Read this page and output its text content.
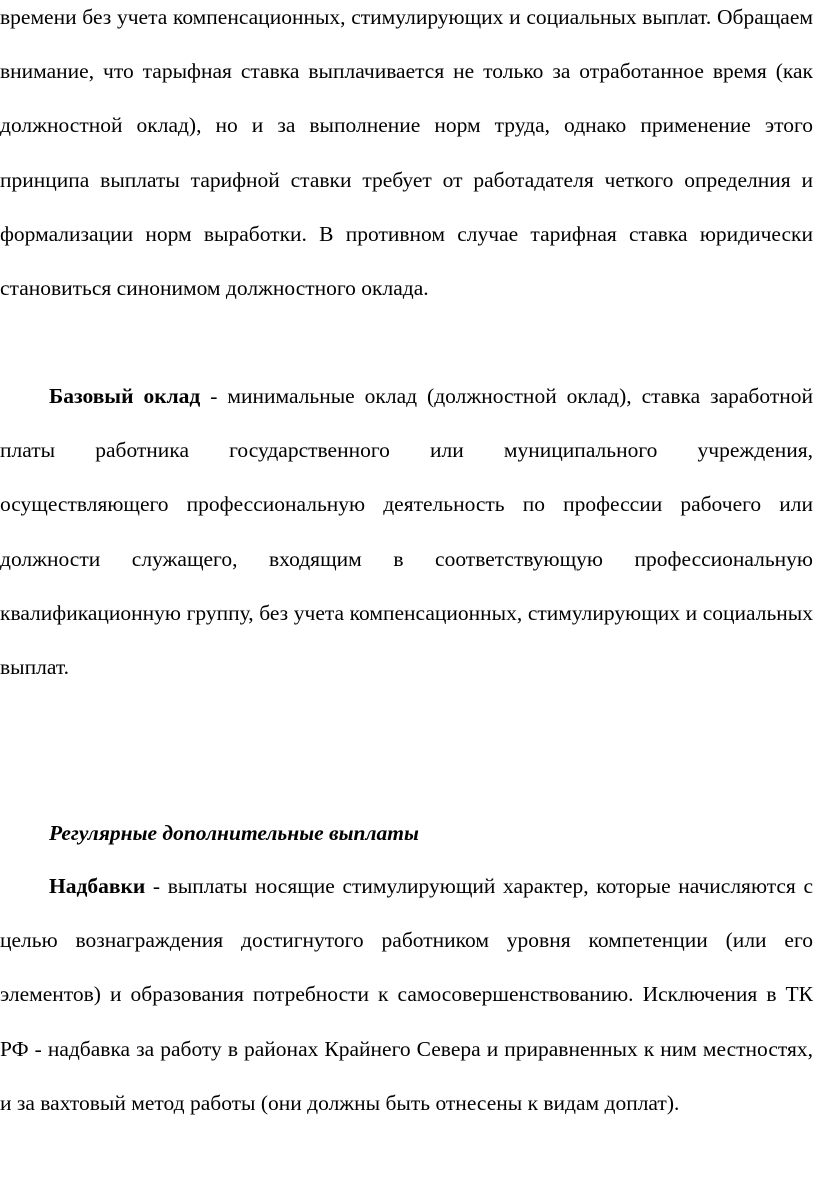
времени без учета компенсационных, стимулирующих и социальных выплат. Обращаем внимание, что тарыфная ставка выплачивается не только за отработанное время (как должностной оклад), но и за выполнение норм труда, однако применение этого принципа выплаты тарифной ставки требует от работадателя четкого определния и формализации норм выработки. В противном случае тарифная ставка юридически становиться синонимом должностного оклада.

Базовый оклад - минимальные оклад (должностной оклад), ставка заработной платы работника государственного или муниципального учреждения, осуществляющего профессиональную деятельность по профессии рабочего или должности служащего, входящим в соответствующую профессиональную квалификационную группу, без учета компенсационных, стимулирующих и социальных выплат.

Регулярные дополнительные выплаты

Надбавки - выплаты носящие стимулирующий характер, которые начисляются с целью вознаграждения достигнутого работником уровня компетенции (или его элементов) и образования потребности к самосовершенствованию. Исключения в ТК РФ - надбавка за работу в районах Крайнего Севера и приравненных к ним местностях, и за вахтовый метод работы (они должны быть отнесены к видам доплат).
